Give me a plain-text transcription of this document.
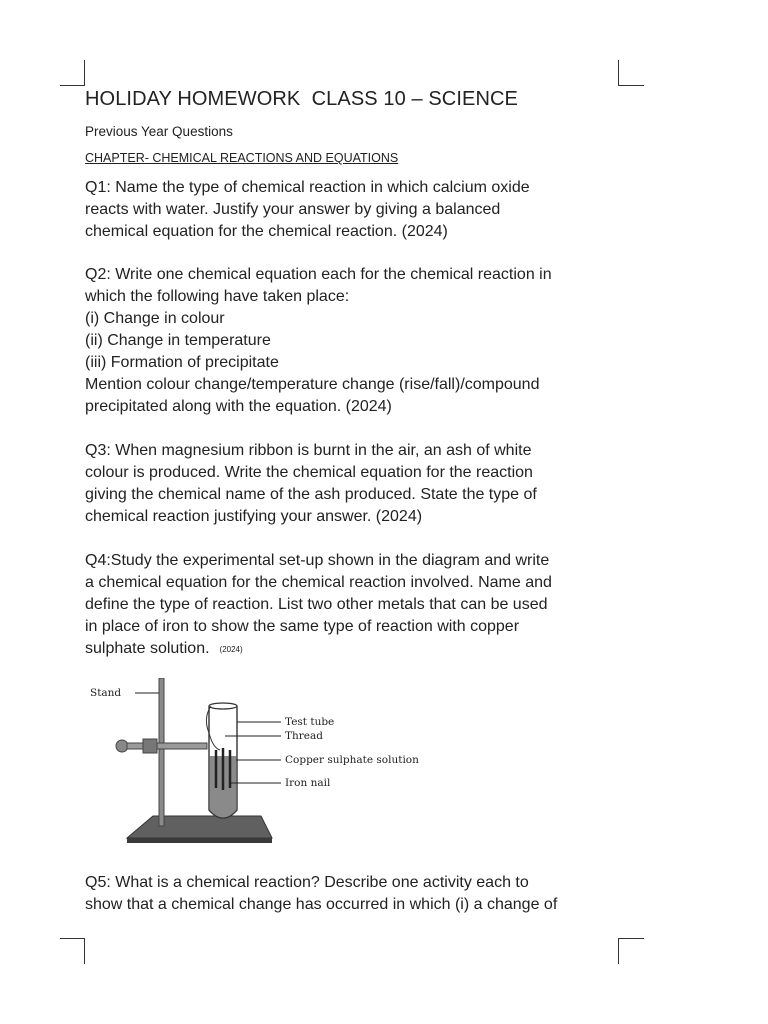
HOLIDAY HOMEWORK  CLASS 10 – SCIENCE

Previous Year Questions

CHAPTER- CHEMICAL REACTIONS AND EQUATIONS

Q1: Name the type of chemical reaction in which calcium oxide
reacts with water. Justify your answer by giving a balanced
chemical equation for the chemical reaction. (2024)

Q2: Write one chemical equation each for the chemical reaction in
which the following have taken place:
(i) Change in colour
(ii) Change in temperature
(iii) Formation of precipitate
Mention colour change/temperature change (rise/fall)/compound
precipitated along with the equation. (2024)

Q3: When magnesium ribbon is burnt in the air, an ash of white
colour is produced. Write the chemical equation for the reaction
giving the chemical name of the ash produced. State the type of
chemical reaction justifying your answer. (2024)

Q4:Study the experimental set-up shown in the diagram and write
a chemical equation for the chemical reaction involved. Name and
define the type of reaction. List two other metals that can be used
in place of iron to show the same type of reaction with copper
sulphate solution. (2024)

Stand
Test tube
Thread
Copper sulphate solution
Iron nail

Q5: What is a chemical reaction? Describe one activity each to
show that a chemical change has occurred in which (i) a change of
